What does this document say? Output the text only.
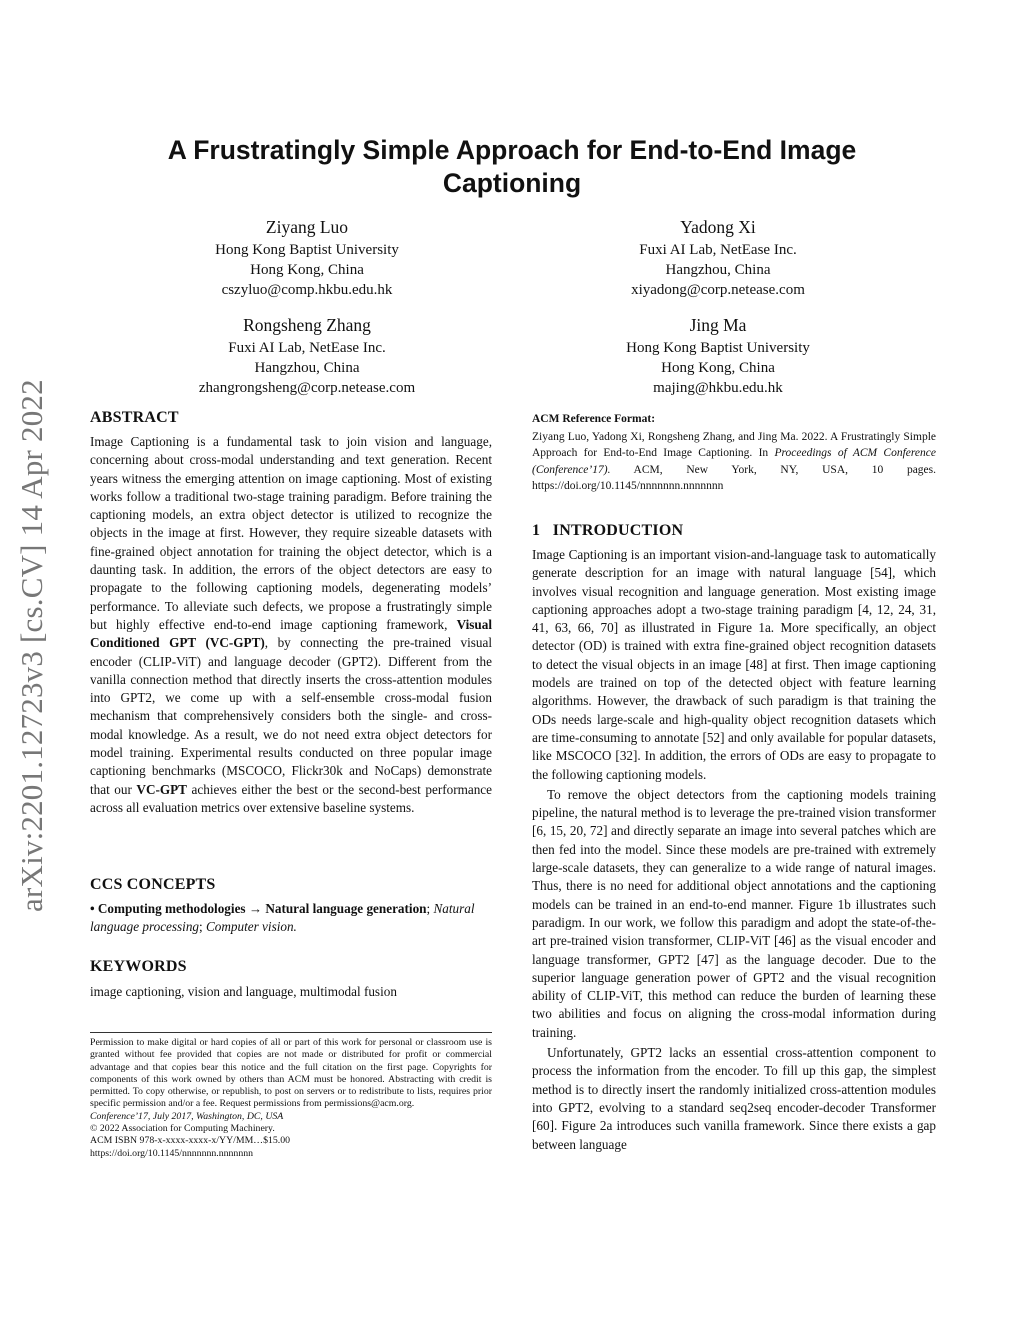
arXiv:2201.12723v3 [cs.CV] 14 Apr 2022
A Frustratingly Simple Approach for End-to-End Image Captioning
Ziyang Luo
Hong Kong Baptist University
Hong Kong, China
cszyluo@comp.hkbu.edu.hk
Yadong Xi
Fuxi AI Lab, NetEase Inc.
Hangzhou, China
xiyadong@corp.netease.com
Rongsheng Zhang
Fuxi AI Lab, NetEase Inc.
Hangzhou, China
zhangrongsheng@corp.netease.com
Jing Ma
Hong Kong Baptist University
Hong Kong, China
majing@hkbu.edu.hk
ABSTRACT

Image Captioning is a fundamental task to join vision and language, concerning about cross-modal understanding and text generation. Recent years witness the emerging attention on image captioning. Most of existing works follow a traditional two-stage training paradigm. Before training the captioning models, an extra object detector is utilized to recognize the objects in the image at first. However, they require sizeable datasets with fine-grained object annotation for training the object detector, which is a daunting task. In addition, the errors of the object detectors are easy to propagate to the following captioning models, degenerating models’ performance. To alleviate such defects, we propose a frustratingly simple but highly effective end-to-end image captioning framework, Visual Conditioned GPT (VC-GPT), by connecting the pre-trained visual encoder (CLIP-ViT) and language decoder (GPT2). Different from the vanilla connection method that directly inserts the cross-attention modules into GPT2, we come up with a self-ensemble cross-modal fusion mechanism that comprehensively considers both the single- and cross-modal knowledge. As a result, we do not need extra object detectors for model training. Experimental results conducted on three popular image captioning benchmarks (MSCOCO, Flickr30k and NoCaps) demonstrate that our VC-GPT achieves either the best or the second-best performance across all evaluation metrics over extensive baseline systems.

CCS CONCEPTS
• Computing methodologies → Natural language generation; Natural language processing; Computer vision.
KEYWORDS
image captioning, vision and language, multimodal fusion

Permission to make digital or hard copies of all or part of this work for personal or classroom use is granted without fee provided that copies are not made or distributed for profit or commercial advantage and that copies bear this notice and the full citation on the first page. Copyrights for components of this work owned by others than ACM must be honored. Abstracting with credit is permitted. To copy otherwise, or republish, to post on servers or to redistribute to lists, requires prior specific permission and/or a fee. Request permissions from permissions@acm.org.

Conference’17, July 2017, Washington, DC, USA

© 2022 Association for Computing Machinery.

ACM ISBN 978-x-xxxx-xxxx-x/YY/MM…$15.00

https://doi.org/10.1145/nnnnnnn.nnnnnnn

ACM Reference Format:
Ziyang Luo, Yadong Xi, Rongsheng Zhang, and Jing Ma. 2022. A Frustratingly Simple Approach for End-to-End Image Captioning. In Proceedings of ACM Conference (Conference’17). ACM, New York, NY, USA, 10 pages. https://doi.org/10.1145/nnnnnnn.nnnnnnn
1   INTRODUCTION

Image Captioning is an important vision-and-language task to automatically generate description for an image with natural language [54], which involves visual recognition and language generation. Most existing image captioning approaches adopt a two-stage training paradigm [4, 12, 24, 31, 41, 63, 66, 70] as illustrated in Figure 1a. More specifically, an object detector (OD) is trained with extra fine-grained object recognition datasets to detect the visual objects in an image [48] at first. Then image captioning models are trained on top of the detected object with feature learning algorithms. However, the drawback of such paradigm is that training the ODs needs large-scale and high-quality object recognition datasets which are time-consuming to annotate [52] and only available for popular datasets, like MSCOCO [32]. In addition, the errors of ODs are easy to propagate to the following captioning models.

To remove the object detectors from the captioning models training pipeline, the natural method is to leverage the pre-trained vision transformer [6, 15, 20, 72] and directly separate an image into several patches which are then fed into the model. Since these models are pre-trained with extremely large-scale datasets, they can generalize to a wide range of natural images. Thus, there is no need for additional object annotations and the captioning models can be trained in an end-to-end manner. Figure 1b illustrates such paradigm. In our work, we follow this paradigm and adopt the state-of-the-art pre-trained vision transformer, CLIP-ViT [46] as the visual encoder and language transformer, GPT2 [47] as the language decoder. Due to the superior language generation power of GPT2 and the visual recognition ability of CLIP-ViT, this method can reduce the burden of learning these two abilities and focus on aligning the cross-modal information during training.

Unfortunately, GPT2 lacks an essential cross-attention component to process the information from the encoder. To fill up this gap, the simplest method is to directly insert the randomly initialized cross-attention modules into GPT2, evolving to a standard seq2seq encoder-decoder Transformer [60]. Figure 2a introduces such vanilla framework. Since there exists a gap between language
